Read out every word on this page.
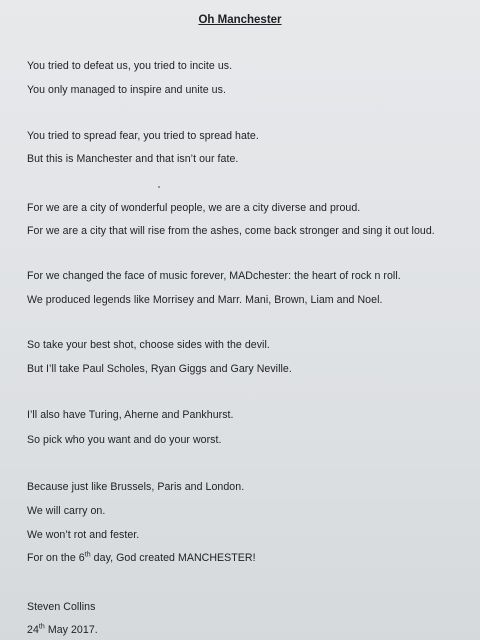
Oh Manchester
You tried to defeat us, you tried to incite us.
You only managed to inspire and unite us.
You tried to spread fear, you tried to spread hate.
But this is Manchester and that isn’t our fate.
For we are a city of wonderful people, we are a city diverse and proud.
For we are a city that will rise from the ashes, come back stronger and sing it out loud.
For we changed the face of music forever, MADchester: the heart of rock n roll.
We produced legends like Morrisey and Marr. Mani, Brown, Liam and Noel.
So take your best shot, choose sides with the devil.
But I’ll take Paul Scholes, Ryan Giggs and Gary Neville.
I’ll also have Turing, Aherne and Pankhurst.
So pick who you want and do your worst.
Because just like Brussels, Paris and London.
We will carry on.
We won’t rot and fester.
For on the 6th day, God created MANCHESTER!
Steven Collins
24th May 2017.
